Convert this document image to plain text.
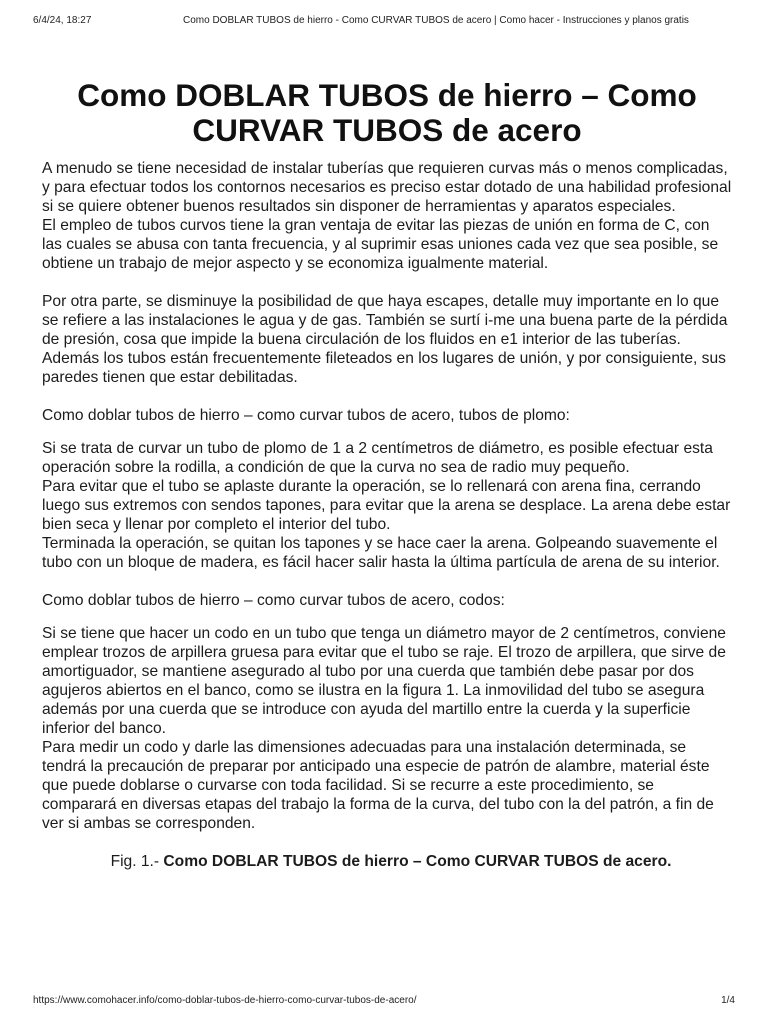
6/4/24, 18:27	Como DOBLAR TUBOS de hierro - Como CURVAR TUBOS de acero | Como hacer - Instrucciones y planos gratis
Como DOBLAR TUBOS de hierro – Como CURVAR TUBOS de acero

A menudo se tiene necesidad de instalar tuberías que requieren curvas más o menos complicadas, y para efectuar todos los contornos necesarios es preciso estar dotado de una habilidad profesional si se quiere obtener buenos resultados sin disponer de herramientas y aparatos especiales.

El empleo de tubos curvos tiene la gran ventaja de evitar las piezas de unión en forma de C, con las cuales se abusa con tanta frecuencia, y al suprimir esas uniones cada vez que sea posible, se obtiene un trabajo de mejor aspecto y se economiza igualmente material.

Por otra parte, se disminuye la posibilidad de que haya escapes, detalle muy importante en lo que se refiere a las instalaciones le agua y de gas. También se surtí i-me una buena parte de la pérdida de presión, cosa que impide la buena circulación de los fluidos en e1 interior de las tuberías. Además los tubos están frecuentemente fileteados en los lugares de unión, y por consiguiente, sus paredes tienen que estar debilitadas.

Como doblar tubos de hierro – como curvar tubos de acero, tubos de plomo:

Si se trata de curvar un tubo de plomo de 1 a 2 centímetros de diámetro, es posible efectuar esta operación sobre la rodilla, a condición de que la curva no sea de radio muy pequeño.

Para evitar que el tubo se aplaste durante la operación, se lo rellenará con arena fina, cerrando luego sus extremos con sendos tapones, para evitar que la arena se desplace. La arena debe estar bien seca y llenar por completo el interior del tubo.

Terminada la operación, se quitan los tapones y se hace caer la arena. Golpeando suavemente el tubo con un bloque de madera, es fácil hacer salir hasta la última partícula de arena de su interior.

Como doblar tubos de hierro – como curvar tubos de acero, codos:

Si se tiene que hacer un codo en un tubo que tenga un diámetro mayor de 2 centímetros, conviene emplear trozos de arpillera gruesa para evitar que el tubo se raje. El trozo de arpillera, que sirve de amortiguador, se mantiene asegurado al tubo por una cuerda que también debe pasar por dos agujeros abiertos en el banco, como se ilustra en la figura 1. La inmovilidad del tubo se asegura además por una cuerda que se introduce con ayuda del martillo entre la cuerda y la superficie inferior del banco.

Para medir un codo y darle las dimensiones adecuadas para una instalación determinada, se tendrá la precaución de preparar por anticipado una especie de patrón de alambre, material éste que puede doblarse o curvarse con toda facilidad. Si se recurre a este procedimiento, se comparará en diversas etapas del trabajo la forma de la curva, del tubo con la del patrón, a fin de ver si ambas se corresponden.

Fig. 1.- Como DOBLAR TUBOS de hierro – Como CURVAR TUBOS de acero.

https://www.comohacer.info/como-doblar-tubos-de-hierro-como-curvar-tubos-de-acero/	1/4
